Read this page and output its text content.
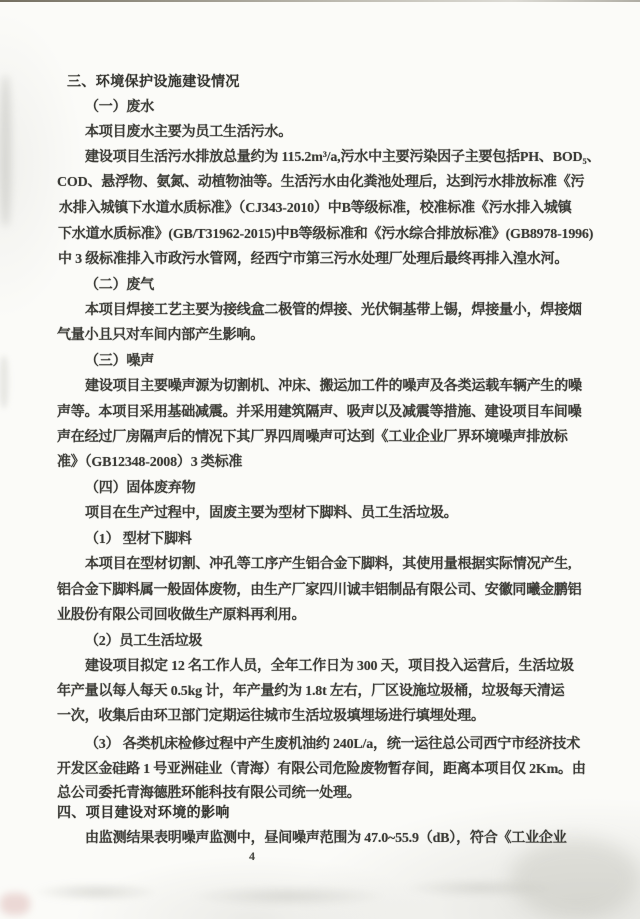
三、环境保护设施建设情况
（一）废水
本项目废水主要为员工生活污水。
建设项目生活污水排放总量约为 115.2m³/a,污水中主要污染因子主要包括PH、BOD₅、
COD、悬浮物、氨氮、动植物油等。生活污水由化粪池处理后，达到污水排放标准《污
水排入城镇下水道水质标准》（CJ343-2010）中B等级标准，校准标准《污水排入城镇
下水道水质标准》(GB/T31962-2015)中B等级标准和《污水综合排放标准》(GB8978-1996)
中 3 级标准排入市政污水管网，经西宁市第三污水处理厂处理后最终再排入湟水河。
（二）废气
本项目焊接工艺主要为接线盒二极管的焊接、光伏铜基带上锡，焊接量小，焊接烟
气量小且只对车间内部产生影响。
（三）噪声
建设项目主要噪声源为切割机、冲床、搬运加工件的噪声及各类运载车辆产生的噪
声等。本项目采用基础减震。并采用建筑隔声、吸声以及减震等措施、建设项目车间噪
声在经过厂房隔声后的情况下其厂界四周噪声可达到《工业企业厂界环境噪声排放标
准》（GB12348-2008）3 类标准
（四）固体废弃物
项目在生产过程中，固废主要为型材下脚料、员工生活垃圾。
（1） 型材下脚料
本项目在型材切割、冲孔等工序产生铝合金下脚料，其使用量根据实际情况产生,
铝合金下脚料属一般固体废物，由生产厂家四川诚丰铝制品有限公司、安徽同曦金鹏铝
业股份有限公司回收做生产原料再利用。
（2）员工生活垃圾
建设项目拟定 12 名工作人员，全年工作日为 300 天，项目投入运营后，生活垃圾
年产量以每人每天 0.5kg 计，年产量约为 1.8t 左右，厂区设施垃圾桶，垃圾每天清运
一次，收集后由环卫部门定期运往城市生活垃圾填埋场进行填埋处理。
（3） 各类机床检修过程中产生废机油约 240L/a，统一运往总公司西宁市经济技术
开发区金硅路 1 号亚洲硅业（青海）有限公司危险废物暂存间，距离本项目仅 2Km。由
总公司委托青海德胜环能科技有限公司统一处理。
四、项目建设对环境的影响
由监测结果表明噪声监测中，昼间噪声范围为 47.0~55.9（dB），符合《工业企业
4
